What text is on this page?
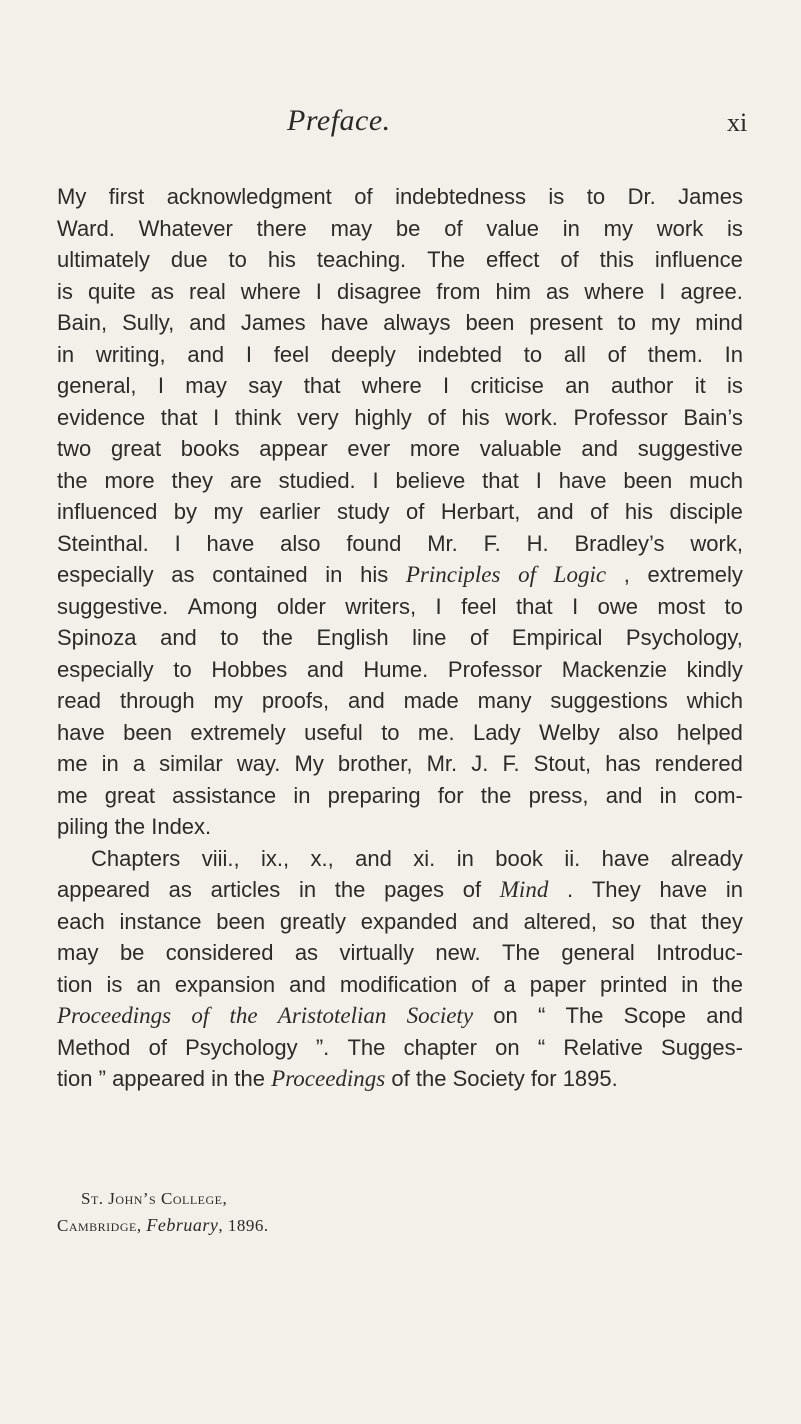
Preface.	xi
My first acknowledgment of indebtedness is to Dr. James
Ward. Whatever there may be of value in my work is
ultimately due to his teaching. The effect of this influence
is quite as real where I disagree from him as where I agree.
Bain, Sully, and James have always been present to my mind
in writing, and I feel deeply indebted to all of them. In
general, I may say that where I criticise an author it is
evidence that I think very highly of his work. Professor Bain’s
two great books appear ever more valuable and suggestive
the more they are studied. I believe that I have been much
influenced by my earlier study of Herbart, and of his disciple
Steinthal. I have also found Mr. F. H. Bradley’s work,
especially as contained in his Principles of Logic , extremely
suggestive. Among older writers, I feel that I owe most to
Spinoza and to the English line of Empirical Psychology,
especially to Hobbes and Hume. Professor Mackenzie kindly
read through my proofs, and made many suggestions which
have been extremely useful to me. Lady Welby also helped
me in a similar way. My brother, Mr. J. F. Stout, has rendered
me great assistance in preparing for the press, and in com-
piling
the
Index.
Chapters viii., ix., x., and xi. in book ii. have already
appeared as articles in the pages of Mind . They have in
each instance been greatly expanded and altered, so that they
may be considered as virtually new. The general Introduc-
tion is an expansion and modification of a paper printed in the
Proceedings of the Aristotelian Society on “ The Scope and
Method of Psychology ”. The chapter on “ Relative Sugges-
tion
”
appeared
in
the
Proceedings
of
the
Society
for
1895.
St. John’s College,
Cambridge, February, 1896.
